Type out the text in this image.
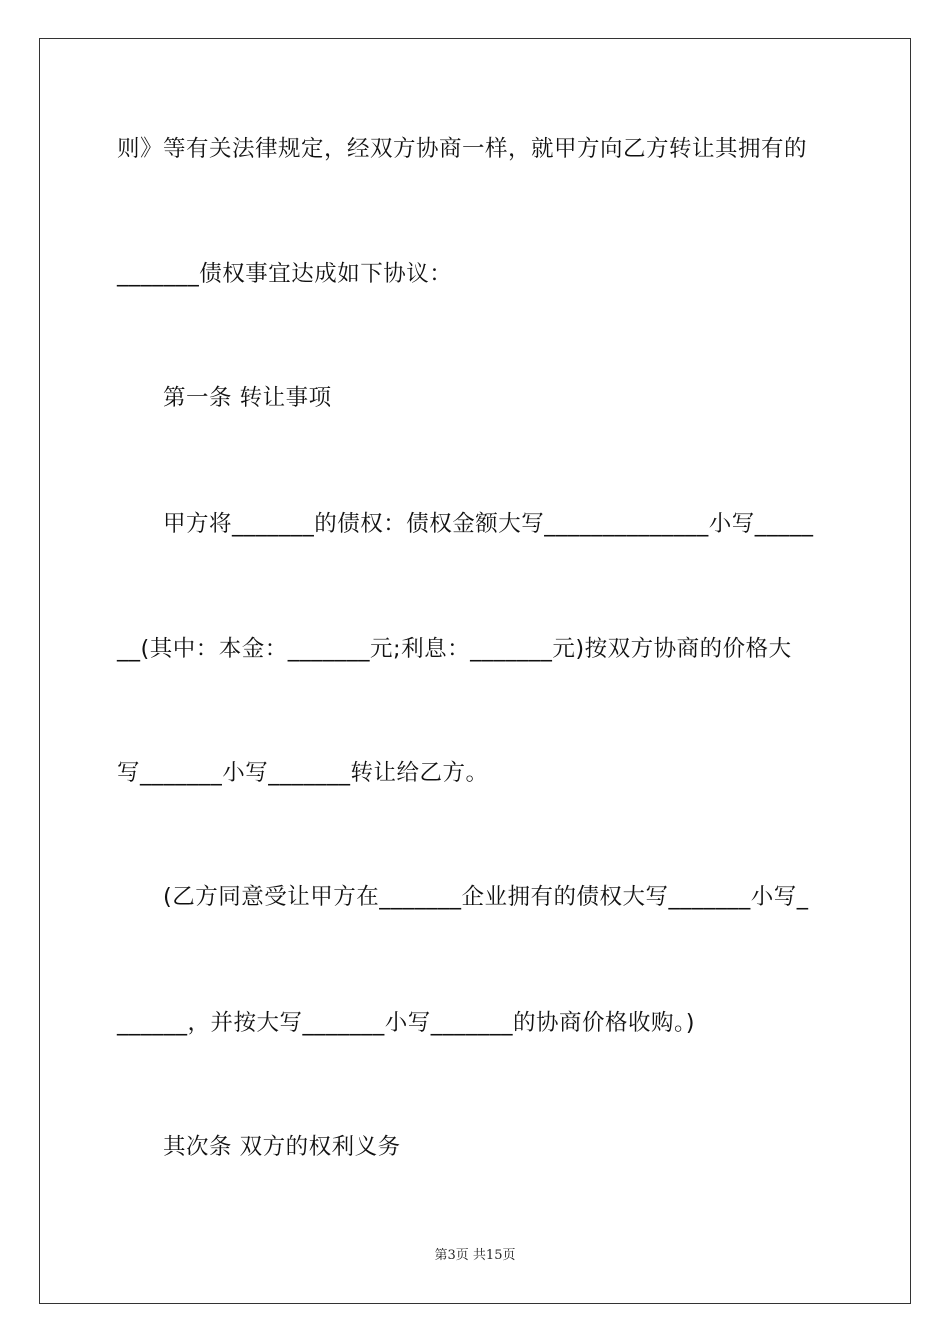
则》等有关法律规定，经双方协商一样，就甲方向乙方转让其拥有的
_______债权事宜达成如下协议：
第一条 转让事项
甲方将_______的债权：债权金额大写______________小写_____
__(其中：本金：_______元;利息：_______元)按双方协商的价格大
写_______小写_______转让给乙方。
(乙方同意受让甲方在_______企业拥有的债权大写_______小写_
______，并按大写_______小写_______的协商价格收购。)
其次条 双方的权利义务
第3页 共15页
